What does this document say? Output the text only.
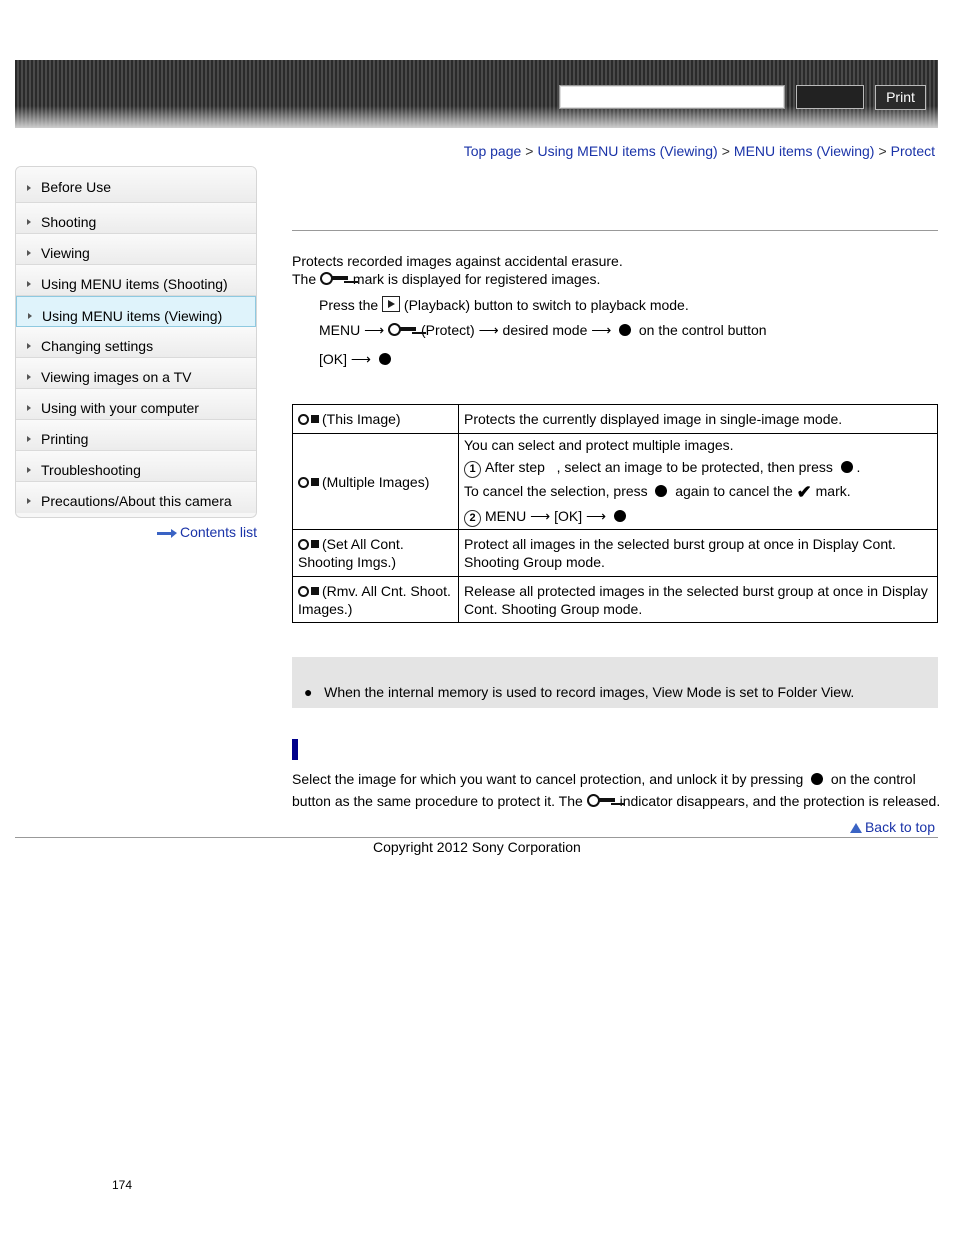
Print
Top page > Using MENU items (Viewing) > MENU items (Viewing) > Protect
Before Use
Shooting
Viewing
Using MENU items (Shooting)
Using MENU items (Viewing)
Changing settings
Viewing images on a TV
Using with your computer
Printing
Troubleshooting
Precautions/About this camera
Contents list
Protects recorded images against accidental erasure.
The	mark is displayed for registered images.
Press the (Playback) button to switch to playback mode.
MENU ⟶	(Protect) ⟶ desired mode ⟶ on the control button
[OK] ⟶
(This Image)	Protects the currently displayed image in single-image mode.
(Multiple Images)	You can select and protect multiple images.
1 After step , select an image to be protected, then press   .
To cancel the selection, press again to cancel the ✔ mark.
2 MENU ⟶ [OK] ⟶

(Set All Cont. Shooting Imgs.)	Protect all images in the selected burst group at once in Display Cont. Shooting Group mode.
(Rmv. All Cnt. Shoot. Images.)	Release all protected images in the selected burst group at once in Display Cont. Shooting Group mode.
●   When the internal memory is used to record images, View Mode is set to Folder View.
Select the image for which you want to cancel protection, and unlock it by pressing on the control
button as the same procedure to protect it. The	indicator disappears, and the protection is released.
Back to top
Copyright 2012 Sony Corporation
174
